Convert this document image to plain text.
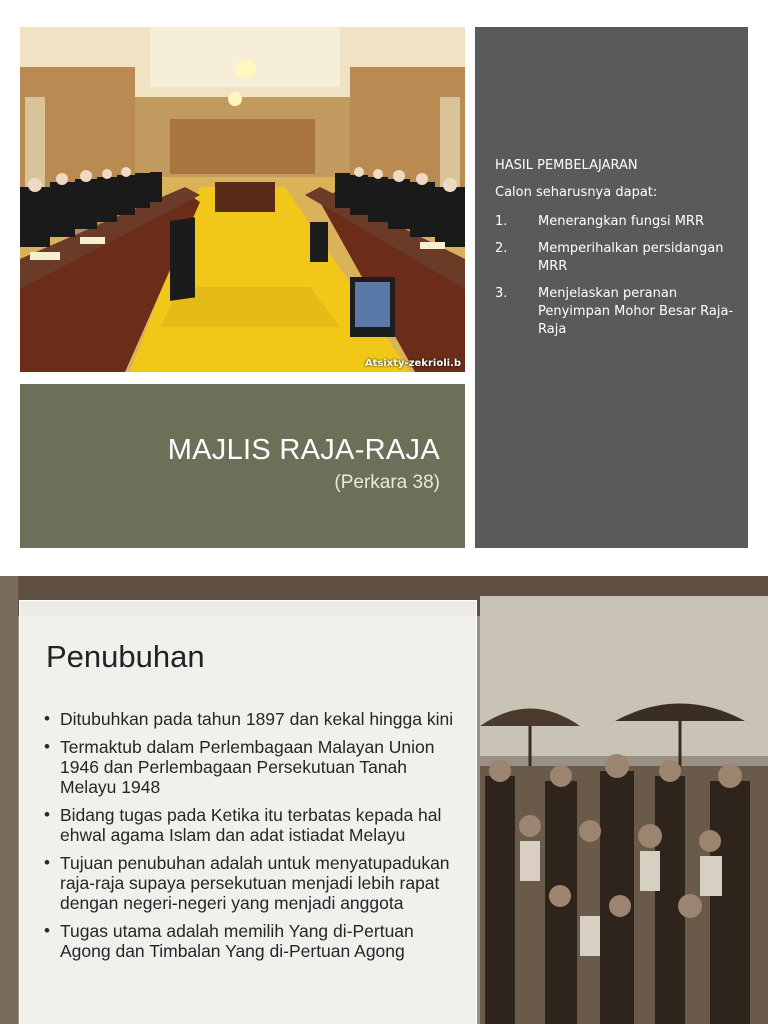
Atsixty-zekrioli.b
MAJLIS RAJA-RAJA
(Perkara 38)
HASIL PEMBELAJARAN
Calon seharusnya dapat:
1.	Menerangkan fungsi MRR
2.	Memperihalkan persidangan MRR
3.	Menjelaskan peranan Penyimpan Mohor Besar Raja-Raja
Penubuhan
• Ditubuhkan pada tahun 1897 dan kekal hingga kini
• Termaktub dalam Perlembagaan Malayan Union 1946 dan Perlembagaan Persekutuan Tanah Melayu 1948
• Bidang tugas pada Ketika itu terbatas kepada hal ehwal agama Islam dan adat istiadat Melayu
• Tujuan penubuhan adalah untuk menyatupadukan raja-raja supaya persekutuan menjadi lebih rapat dengan negeri-negeri yang menjadi anggota
• Tugas utama adalah memilih Yang di-Pertuan Agong dan Timbalan Yang di-Pertuan Agong
